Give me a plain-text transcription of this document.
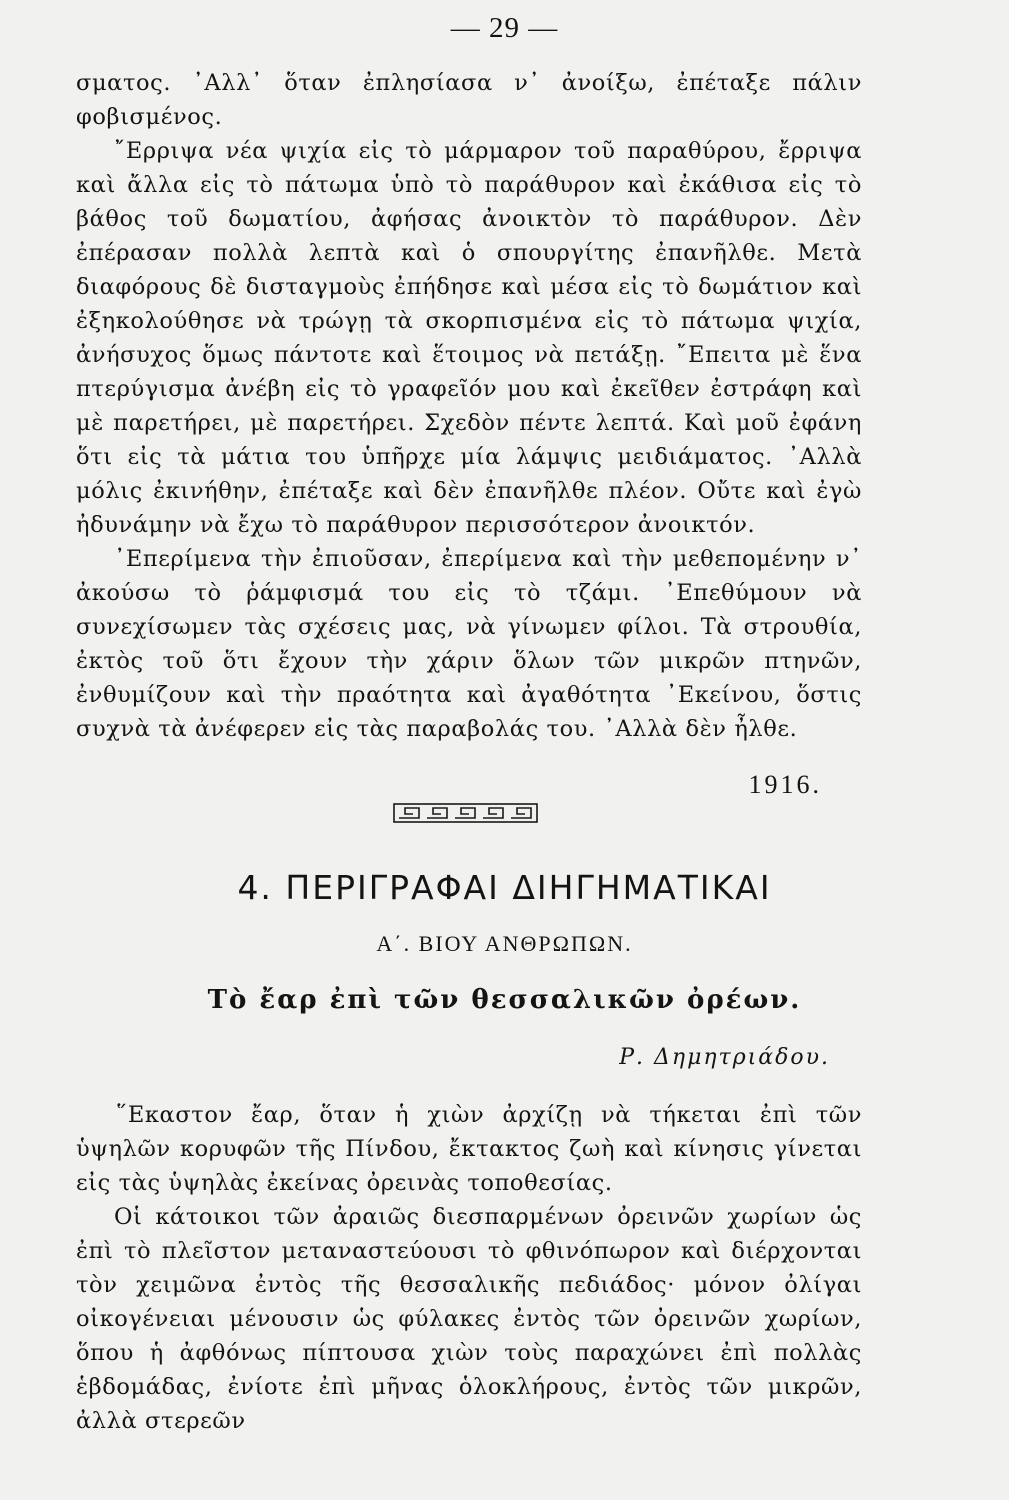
— 29 —

σματος. ᾿Αλλ᾿ ὅταν ἐπλησίασα ν᾿ ἀνοίξω, ἐπέταξε πάλιν φοβισμένος.

῎Ερριψα νέα ψιχία εἰς τὸ μάρμαρον τοῦ παραθύρου, ἔρριψα καὶ ἄλλα εἰς τὸ πάτωμα ὑπὸ τὸ παράθυρον καὶ ἐκάθισα εἰς τὸ βάθος τοῦ δωματίου, ἀφήσας ἀνοικτὸν τὸ παράθυρον. Δὲν ἐπέρασαν πολλὰ λεπτὰ καὶ ὁ σπουργίτης ἐπανῆλθε. Μετὰ διαφόρους δὲ δισταγμοὺς ἐπήδησε καὶ μέσα εἰς τὸ δωμάτιον καὶ ἐξηκολούθησε νὰ τρώγῃ τὰ σκορπισμένα εἰς τὸ πάτωμα ψιχία, ἀνήσυχος ὅμως πάντοτε καὶ ἕτοιμος νὰ πετάξῃ. ῎Επειτα μὲ ἕνα πτερύγισμα ἀνέβη εἰς τὸ γραφεῖόν μου καὶ ἐκεῖθεν ἐστράφη καὶ μὲ παρετήρει, μὲ παρετήρει. Σχεδὸν πέντε λεπτά. Καὶ μοῦ ἐφάνη ὅτι εἰς τὰ μάτια του ὑπῆρχε μία λάμψις μειδιάματος. ᾿Αλλὰ μόλις ἐκινήθην, ἐπέταξε καὶ δὲν ἐπανῆλθε πλέον. Οὔτε καὶ ἐγὼ ἠδυνάμην νὰ ἔχω τὸ παράθυρον περισσότερον ἀνοικτόν.

᾿Επερίμενα τὴν ἐπιοῦσαν, ἐπερίμενα καὶ τὴν μεθεπομένην ν᾿ ἀκούσω τὸ ῥάμφισμά του εἰς τὸ τζάμι. ᾿Επεθύμουν νὰ συνεχίσωμεν τὰς σχέσεις μας, νὰ γίνωμεν φίλοι. Τὰ στρουθία, ἐκτὸς τοῦ ὅτι ἔχουν τὴν χάριν ὅλων τῶν μικρῶν πτηνῶν, ἐνθυμίζουν καὶ τὴν πραότητα καὶ ἀγαθότητα ᾿Εκείνου, ὅστις συχνὰ τὰ ἀνέφερεν εἰς τὰς παραβολάς του. ᾿Αλλὰ δὲν ἦλθε.

1916.
4. ΠΕΡΙΓΡΑΦΑΙ ΔΙΗΓΗΜΑΤΙΚΑΙ
Α΄. ΒΙΟΥ ΑΝΘΡΩΠΩΝ.
Τὸ ἔαρ ἐπὶ τῶν θεσσαλικῶν ὀρέων.
Ρ. Δημητριάδου.

῞Εκαστον ἔαρ, ὅταν ἡ χιὼν ἀρχίζῃ νὰ τήκεται ἐπὶ τῶν ὑψηλῶν κορυφῶν τῆς Πίνδου, ἔκτακτος ζωὴ καὶ κίνησις γίνεται εἰς τὰς ὑψηλὰς ἐκείνας ὀρεινὰς τοποθεσίας.

Οἱ κάτοικοι τῶν ἀραιῶς διεσπαρμένων ὀρεινῶν χωρίων ὡς ἐπὶ τὸ πλεῖστον μεταναστεύουσι τὸ φθινόπωρον καὶ διέρχονται τὸν χειμῶνα ἐντὸς τῆς θεσσαλικῆς πεδιάδος· μόνον ὀλίγαι οἰκογένειαι μένουσιν ὡς φύλακες ἐντὸς τῶν ὀρεινῶν χωρίων, ὅπου ἡ ἀφθόνως πίπτουσα χιὼν τοὺς παραχώνει ἐπὶ πολλὰς ἑβδομάδας, ἐνίοτε ἐπὶ μῆνας ὁλοκλήρους, ἐντὸς τῶν μικρῶν, ἀλλὰ στερεῶν
